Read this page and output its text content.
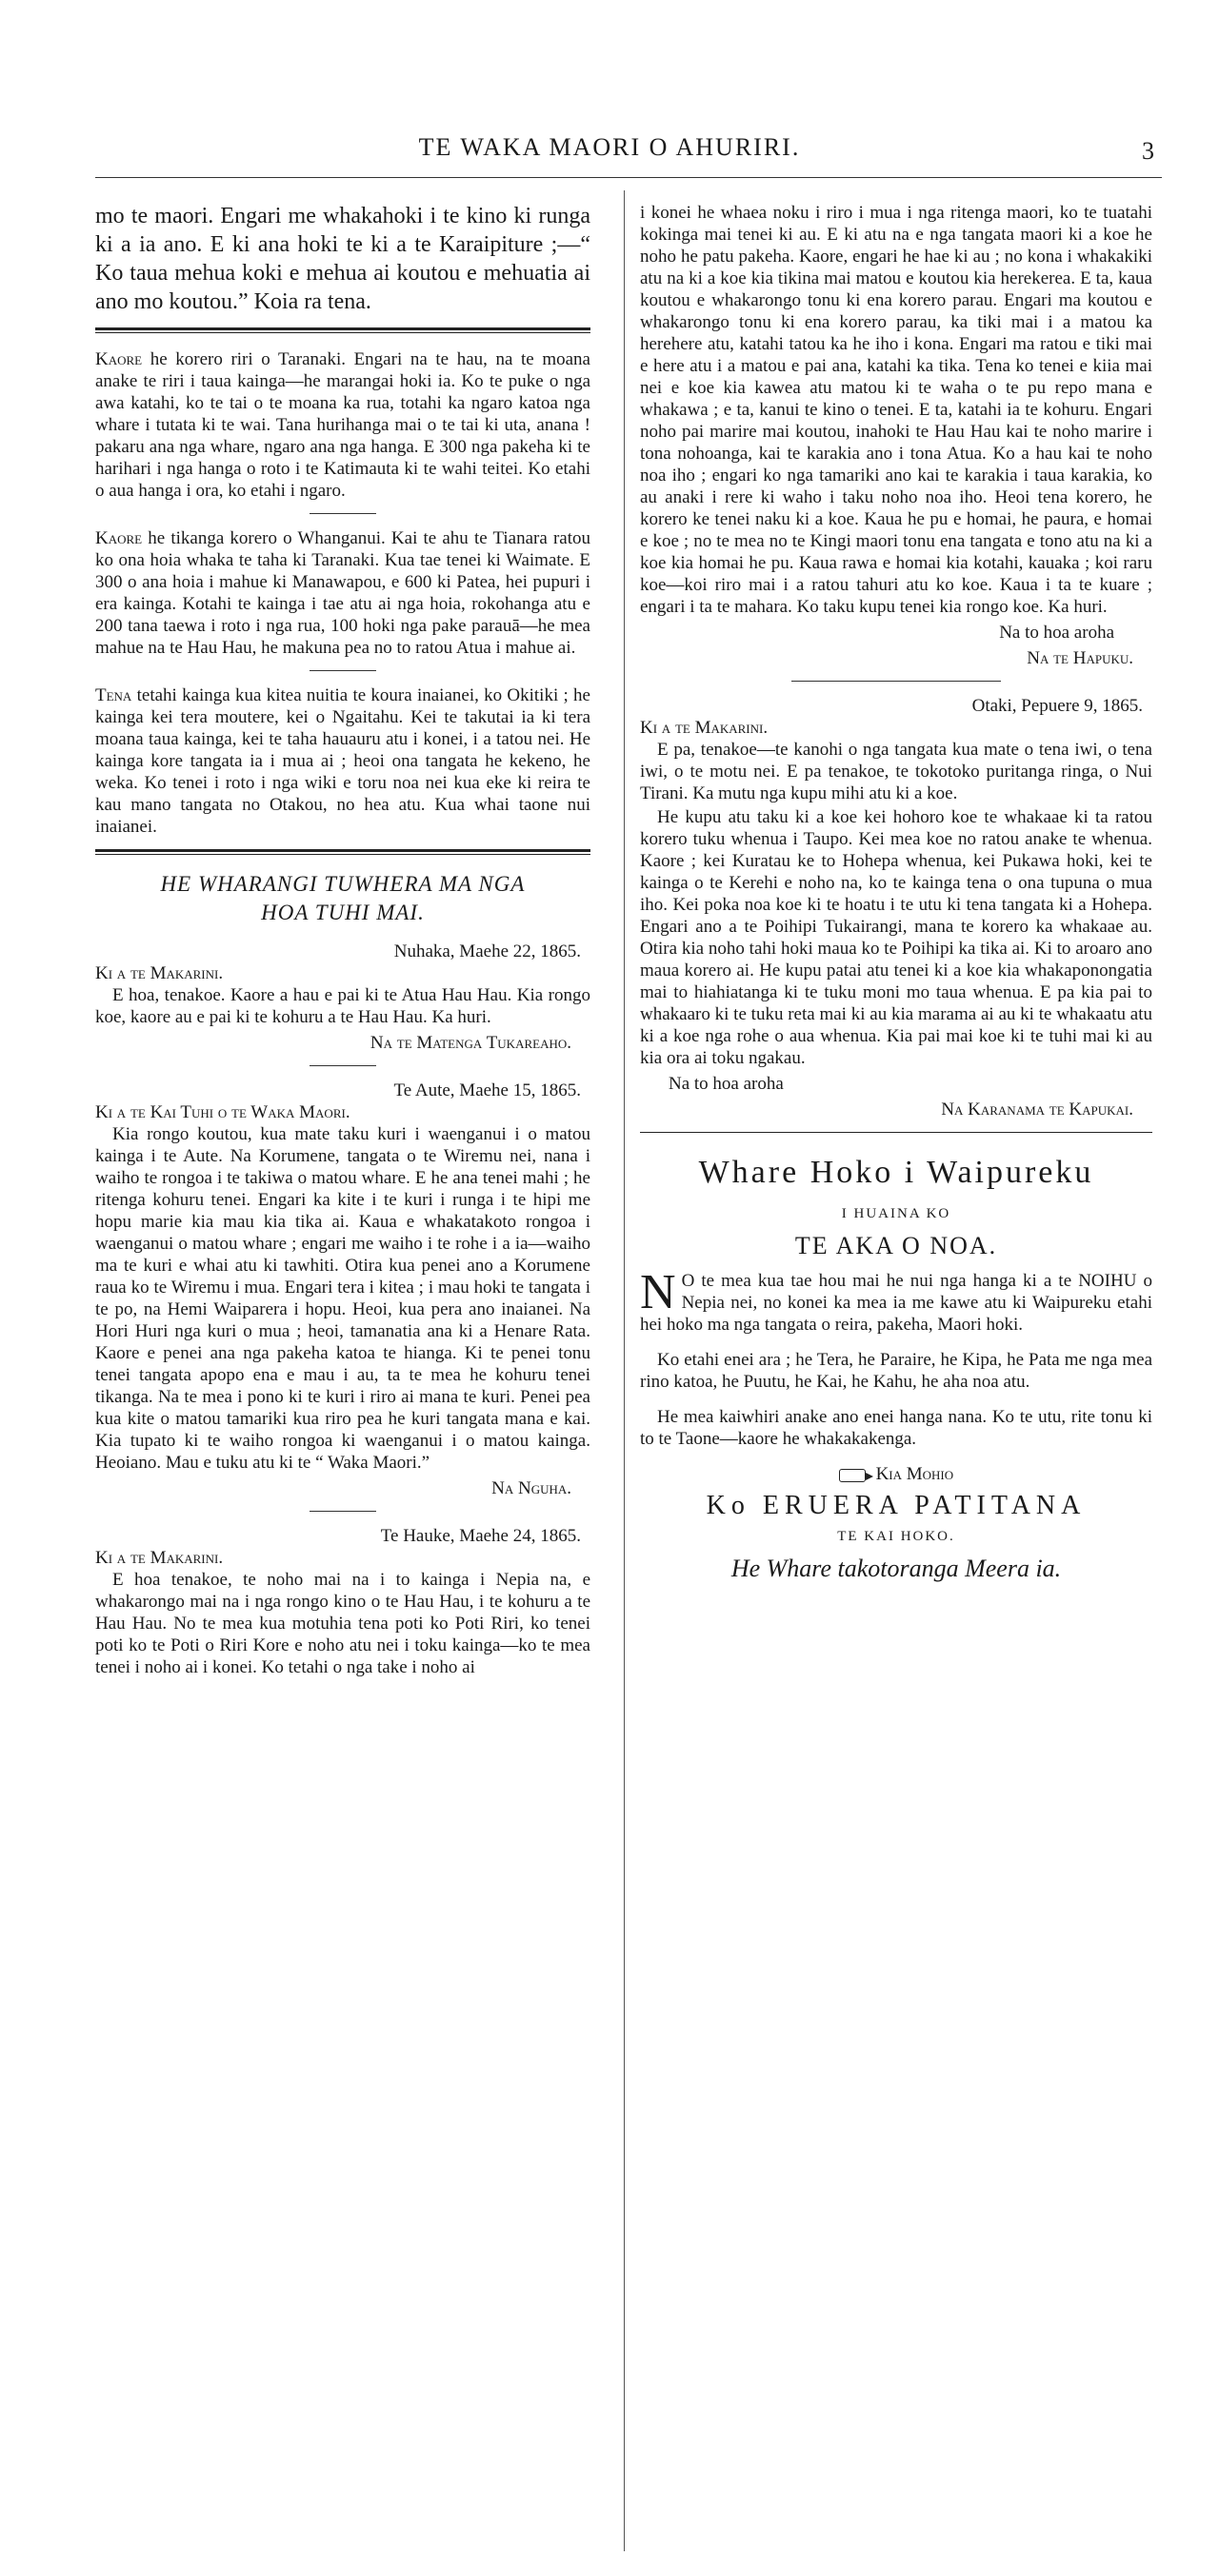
TE WAKA MAORI O AHURIRI.	3

mo te maori. Engari me whakahoki i te kino ki runga ki a ia ano. E ki ana hoki te ki a te Karaipiture ;—“ Ko taua mehua koki e mehua ai koutou e mehuatia ai ano mo koutou.” Koia ra tena.

Kaore he korero riri o Taranaki. Engari na te hau, na te moana anake te riri i taua kainga—he marangai hoki ia. Ko te puke o nga awa katahi, ko te tai o te moana ka rua, totahi ka ngaro katoa nga whare i tutata ki te wai. Tana hurihanga mai o te tai ki uta, anana ! pakaru ana nga whare, ngaro ana nga hanga. E 300 nga pakeha ki te harihari i nga hanga o roto i te Katimauta ki te wahi teitei. Ko etahi o aua hanga i ora, ko etahi i ngaro.

Kaore he tikanga korero o Whanganui. Kai te ahu te Tianara ratou ko ona hoia whaka te taha ki Taranaki. Kua tae tenei ki Waimate. E 300 o ana hoia i mahue ki Manawapou, e 600 ki Patea, hei pupuri i era kainga. Kotahi te kainga i tae atu ai nga hoia, rokohanga atu e 200 tana taewa i roto i nga rua, 100 hoki nga pake parauā—he mea mahue na te Hau Hau, he makuna pea no to ratou Atua i mahue ai.

Tena tetahi kainga kua kitea nuitia te koura inaianei, ko Okitiki ; he kainga kei tera moutere, kei o Ngaitahu. Kei te takutai ia ki tera moana taua kainga, kei te taha hauauru atu i konei, i a tatou nei. He kainga kore tangata ia i mua ai ; heoi ona tangata he kekeno, he weka. Ko tenei i roto i nga wiki e toru noa nei kua eke ki reira te kau mano tangata no Otakou, no hea atu. Kua whai taone nui inaianei.

HE WHARANGI TUWHERA MA NGA
HOA TUHI MAI.
Nuhaka, Maehe 22, 1865.
Ki a te Makarini.

E hoa, tenakoe. Kaore a hau e pai ki te Atua Hau Hau. Kia rongo koe, kaore au e pai ki te kohuru a te Hau Hau. Ka huri.

Na te Matenga Tukareaho.
Te Aute, Maehe 15, 1865.
Ki a te Kai Tuhi o te Waka Maori.

Kia rongo koutou, kua mate taku kuri i waenganui i o matou kainga i te Aute. Na Korumene, tangata o te Wiremu nei, nana i waiho te rongoa i te takiwa o matou whare. E he ana tenei mahi ; he ritenga kohuru tenei. Engari ka kite i te kuri i runga i te hipi me hopu marie kia mau kia tika ai. Kaua e whakatakoto rongoa i waenganui o matou whare ; engari me waiho i te rohe i a ia—waiho ma te kuri e whai atu ki tawhiti. Otira kua penei ano a Korumene raua ko te Wiremu i mua. Engari tera i kitea ; i mau hoki te tangata i te po, na Hemi Waiparera i hopu. Heoi, kua pera ano inaianei. Na Hori Huri nga kuri o mua ; heoi, tamanatia ana ki a Henare Rata. Kaore e penei ana nga pakeha katoa te hianga. Ki te penei tonu tenei tangata apopo ena e mau i au, ta te mea he kohuru tenei tikanga. Na te mea i pono ki te kuri i riro ai mana te kuri. Penei pea kua kite o matou tamariki kua riro pea he kuri tangata mana e kai. Kia tupato ki te waiho rongoa ki waenganui i o matou kainga. Heoiano. Mau e tuku atu ki te “ Waka Maori.”

Na Nguha.
Te Hauke, Maehe 24, 1865.
Ki a te Makarini.

E hoa tenakoe, te noho mai na i to kainga i Nepia na, e whakarongo mai na i nga rongo kino o te Hau Hau, i te kohuru a te Hau Hau. No te mea kua motuhia tena poti ko Poti Riri, ko tenei poti ko te Poti o Riri Kore e noho atu nei i toku kainga—ko te mea tenei i noho ai i konei. Ko tetahi o nga take i noho ai

i konei he whaea noku i riro i mua i nga ritenga maori, ko te tuatahi kokinga mai tenei ki au. E ki atu na e nga tangata maori ki a koe he noho he patu pakeha. Kaore, engari he hae ki au ; no kona i whakakiki atu na ki a koe kia tikina mai matou e koutou kia herekerea. E ta, kaua koutou e whakarongo tonu ki ena korero parau. Engari ma koutou e whakarongo tonu ki ena korero parau, ka tiki mai i a matou ka herehere atu, katahi tatou ka he iho i kona. Engari ma ratou e tiki mai e here atu i a matou e pai ana, katahi ka tika. Tena ko tenei e kiia mai nei e koe kia kawea atu matou ki te waha o te pu repo mana e whakawa ; e ta, kanui te kino o tenei. E ta, katahi ia te kohuru. Engari noho pai marire mai koutou, inahoki te Hau Hau kai te noho marire i tona nohoanga, kai te karakia ano i tona Atua. Ko a hau kai te noho noa iho ; engari ko nga tamariki ano kai te karakia i taua karakia, ko au anaki i rere ki waho i taku noho noa iho. Heoi tena korero, he korero ke tenei naku ki a koe. Kaua he pu e homai, he paura, e homai e koe ; no te mea no te Kingi maori tonu ena tangata e tono atu na ki a koe kia homai he pu. Kaua rawa e homai kia kotahi, kauaka ; koi raru koe—koi riro mai i a ratou tahuri atu ko koe. Kaua i ta te kuare ; engari i ta te mahara. Ko taku kupu tenei kia rongo koe. Ka huri.

Na to hoa aroha
Na te Hapuku.
Otaki, Pepuere 9, 1865.
Ki a te Makarini.

E pa, tenakoe—te kanohi o nga tangata kua mate o tena iwi, o tena iwi, o te motu nei. E pa tenakoe, te tokotoko puritanga ringa, o Nui Tirani. Ka mutu nga kupu mihi atu ki a koe.

He kupu atu taku ki a koe kei hohoro koe te whakaae ki ta ratou korero tuku whenua i Taupo. Kei mea koe no ratou anake te whenua. Kaore ; kei Kuratau ke to Hohepa whenua, kei Pukawa hoki, kei te kainga o te Kerehi e noho na, ko te kainga tena o ona tupuna o mua iho. Kei poka noa koe ki te hoatu i te utu ki tena tangata ki a Hohepa. Engari ano a te Poihipi Tukairangi, mana te korero ka whakaae au. Otira kia noho tahi hoki maua ko te Poihipi ka tika ai. Ki to aroaro ano maua korero ai. He kupu patai atu tenei ki a koe kia whakaponongatia mai to hiahiatanga ki te tuku moni mo taua whenua. E pa kia pai to whakaaro ki te tuku reta mai ki au kia marama ai au ki te whakaatu atu ki a koe nga rohe o aua whenua. Kia pai mai koe ki te tuhi mai ki au kia ora ai toku ngakau.

Na to hoa aroha
Na Karanama te Kapukai.
Whare Hoko i Waipureku
I HUAINA KO
TE AKA O NOA.

N O te mea kua tae hou mai he nui nga hanga ki a te NOIHU o Nepia nei, no konei ka mea ia me kawe atu ki Waipureku etahi hei hoko ma nga tangata o reira, pakeha, Maori hoki.

Ko etahi enei ara ; he Tera, he Paraire, he Kipa, he Pata me nga mea rino katoa, he Puutu, he Kai, he Kahu, he aha noa atu.

He mea kaiwhiri anake ano enei hanga nana. Ko te utu, rite tonu ki to te Taone—kaore he whakakakenga.

Kia Mohio
Ko ERUERA PATITANA
TE KAI HOKO.
He Whare takotoranga Meera ia.
